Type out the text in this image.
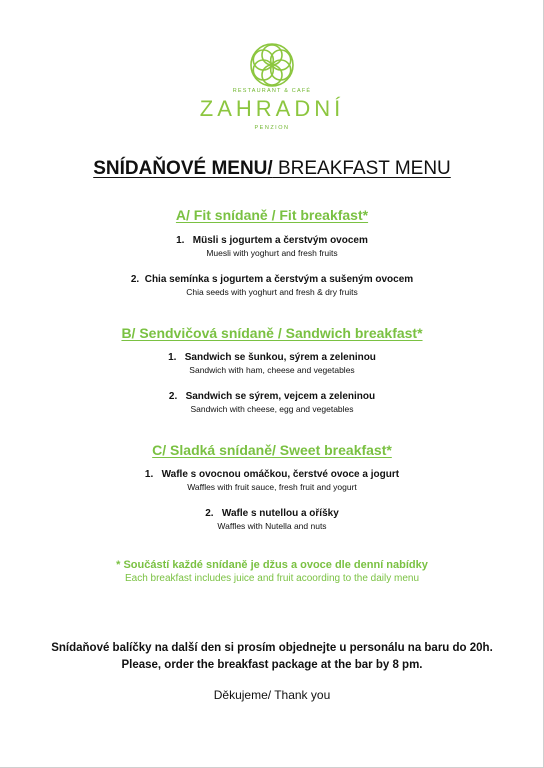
RESTAURANT & CAFÉ
ZAHRADNÍ
PENZION
SNÍDAŇOVÉ MENU/ BREAKFAST MENU
A/ Fit snídaně / Fit breakfast*
1. Müsli s jogurtem a čerstvým ovocem
Muesli with yoghurt and fresh fruits
2. Chia semínka s jogurtem a čerstvým a sušeným ovocem
Chia seeds with yoghurt and fresh & dry fruits
B/ Sendvičová snídaně / Sandwich breakfast*
1. Sandwich se šunkou, sýrem a zeleninou
Sandwich with ham, cheese and vegetables
2. Sandwich se sýrem, vejcem a zeleninou
Sandwich with cheese, egg and vegetables
C/ Sladká snídaně/ Sweet breakfast*
1. Wafle s ovocnou omáčkou, čerstvé ovoce a jogurt
Waffles with fruit sauce, fresh fruit and yogurt
2. Wafle s nutellou a oříšky
Waffles with Nutella and nuts
* Součástí každé snídaně je džus a ovoce dle denní nabídky
Each breakfast includes juice and fruit acoording to the daily menu
Snídaňové balíčky na další den si prosím objednejte u personálu na baru do 20h.
Please, order the breakfast package at the bar by 8 pm.
Děkujeme/ Thank you
